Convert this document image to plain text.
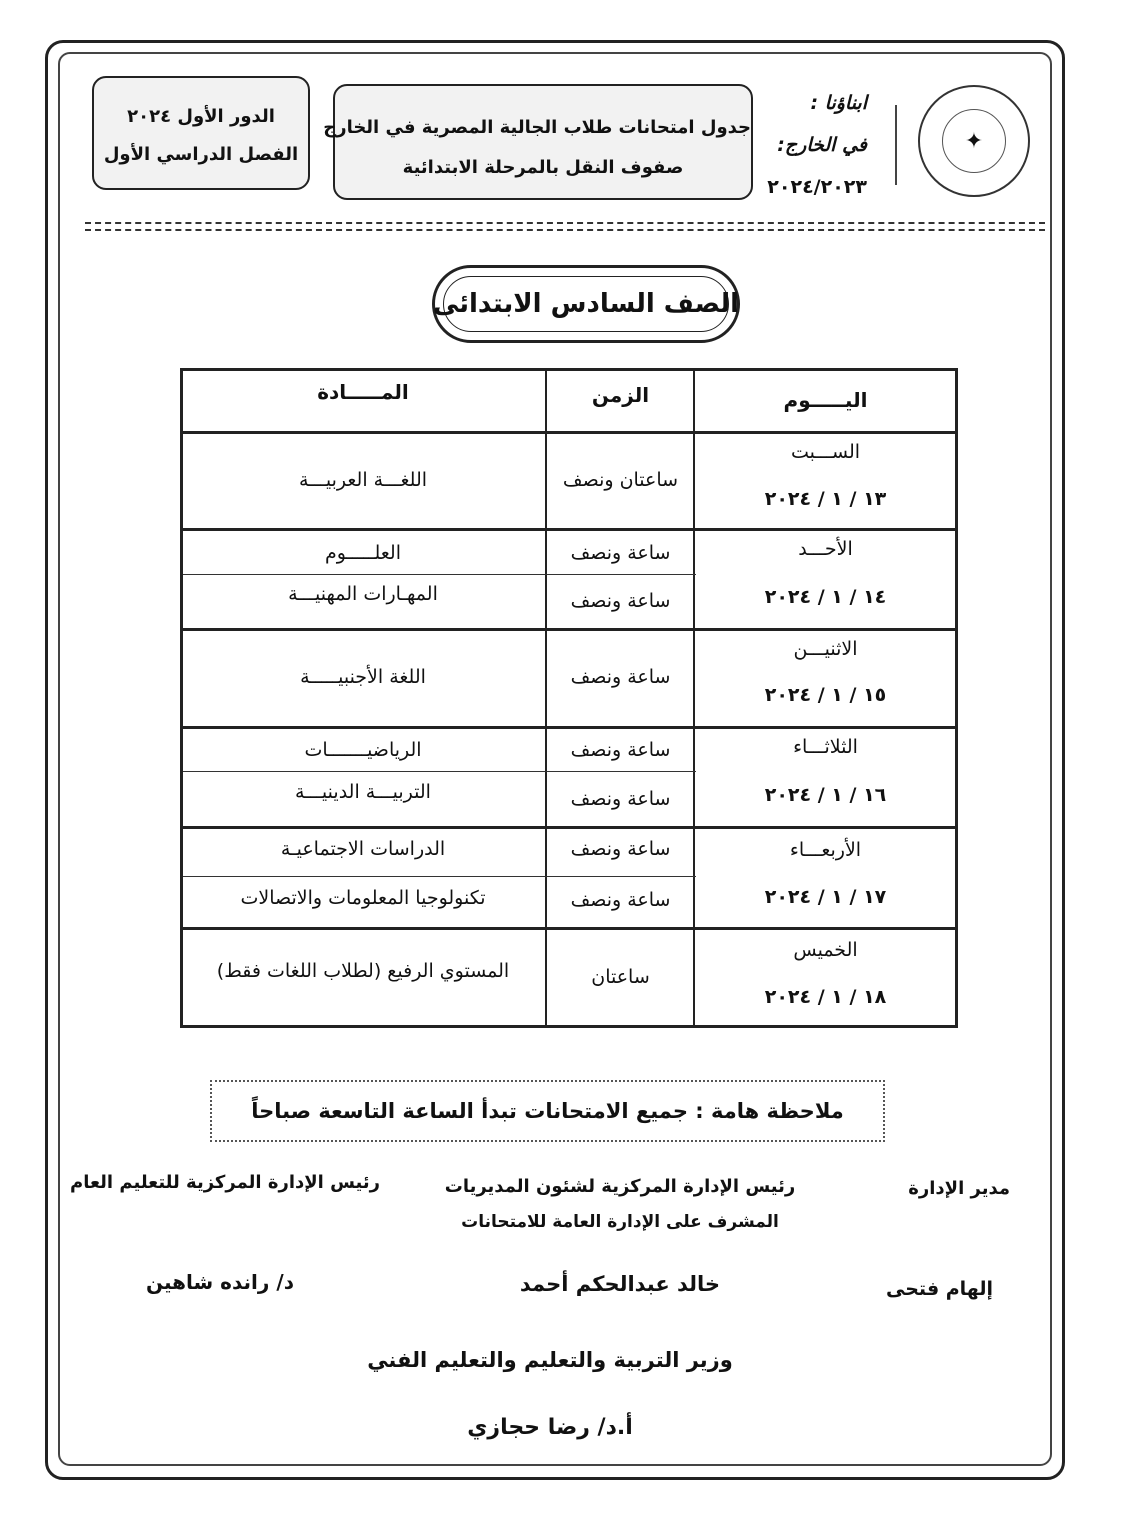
الدور الأول ٢٠٢٤
الفصل الدراسي الأول
جدول امتحانات طلاب الجالية المصرية في الخارج
صفوف النقل بالمرحلة الابتدائية
ابناؤنا :
في الخارج:
٢٠٢٤/٢٠٢٣
✦
الصف السادس الابتدائى
اليـــــوم
الزمن
المـــــادة
الســـبت
١٣ / ١ / ٢٠٢٤
ساعتان ونصف
اللغـــة العربيـــة
الأحـــد
١٤ / ١ / ٢٠٢٤
ساعة ونصف
العلـــــوم
ساعة ونصف
المهـارات المهنيـــة
الاثنيـــن
١٥ / ١ / ٢٠٢٤
ساعة ونصف
اللغة الأجنبيـــــة
الثلاثـــاء
١٦ / ١ / ٢٠٢٤
ساعة ونصف
الرياضيـــــــات
ساعة ونصف
التربيـــة الدينيـــة
الأربعـــاء
١٧ / ١ / ٢٠٢٤
ساعة ونصف
الدراسات الاجتماعيـة
ساعة ونصف
تكنولوجيا المعلومات والاتصالات
الخميس
١٨ / ١ / ٢٠٢٤
ساعتان
المستوي الرفيع (لطلاب اللغات فقط)
ملاحظة هامة : جميع الامتحانات تبدأ الساعة التاسعة صباحاً
مدير الإدارة
إلهام فتحى
رئيس الإدارة المركزية لشئون المديريات
المشرف على الإدارة العامة للامتحانات
خالد عبدالحكم أحمد
رئيس الإدارة المركزية للتعليم العام
د/ رانده شاهين
وزير التربية والتعليم والتعليم الفني
أ.د/ رضا حجازي
